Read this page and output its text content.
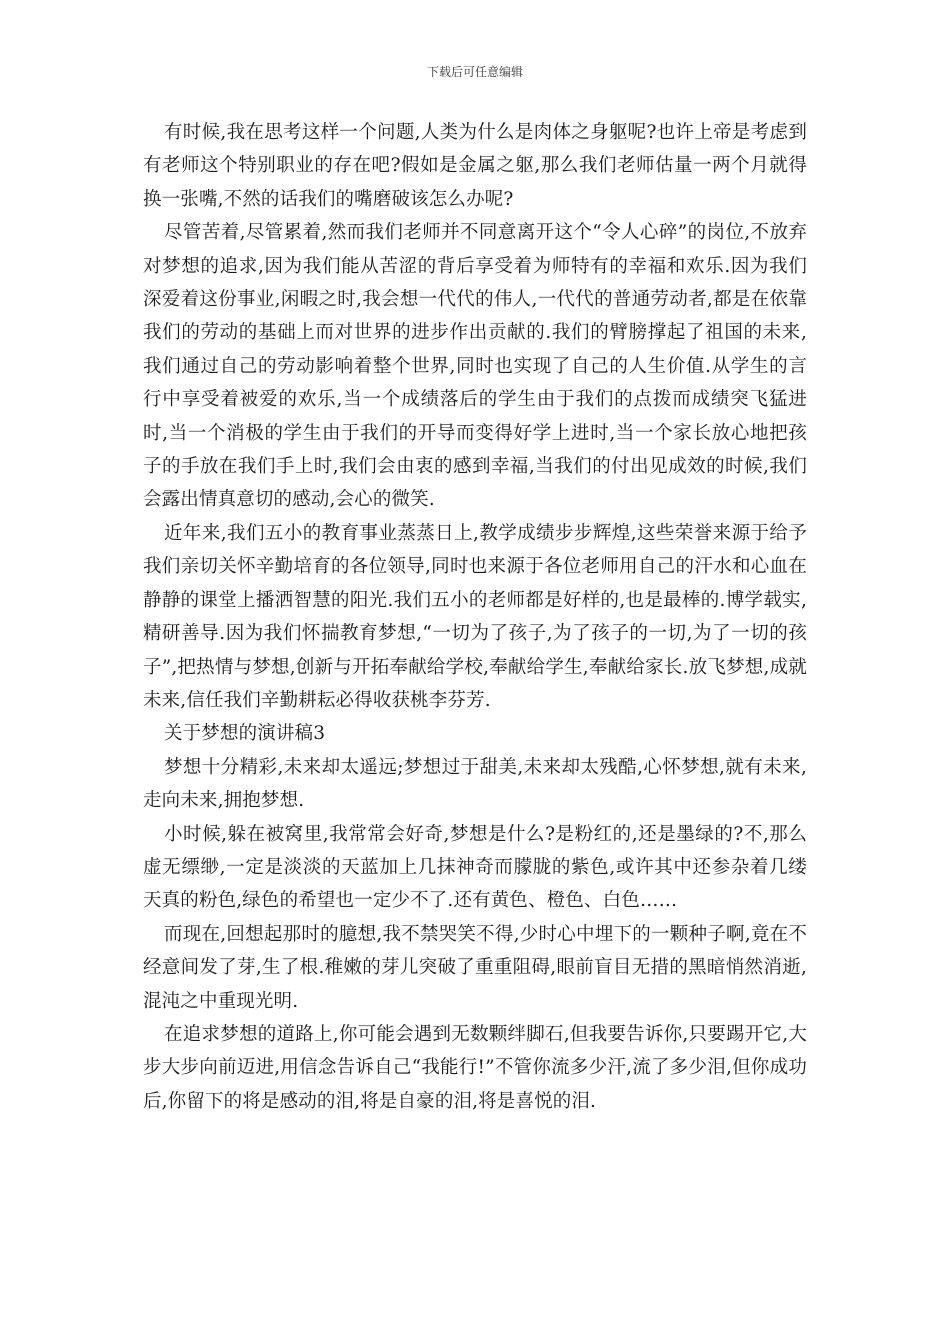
下载后可任意编辑

有时候,我在思考这样一个问题,人类为什么是肉体之身躯呢?也许上帝是考虑到有老师这个特别职业的存在吧?假如是金属之躯,那么我们老师估量一两个月就得换一张嘴,不然的话我们的嘴磨破该怎么办呢?

尽管苦着,尽管累着,然而我们老师并不同意离开这个“令人心碎”的岗位,不放弃对梦想的追求,因为我们能从苦涩的背后享受着为师特有的幸福和欢乐.因为我们深爱着这份事业,闲暇之时,我会想一代代的伟人,一代代的普通劳动者,都是在依靠我们的劳动的基础上而对世界的进步作出贡献的.我们的臂膀撑起了祖国的未来,我们通过自己的劳动影响着整个世界,同时也实现了自己的人生价值.从学生的言行中享受着被爱的欢乐,当一个成绩落后的学生由于我们的点拨而成绩突飞猛进时,当一个消极的学生由于我们的开导而变得好学上进时,当一个家长放心地把孩子的手放在我们手上时,我们会由衷的感到幸福,当我们的付出见成效的时候,我们会露出情真意切的感动,会心的微笑.

近年来,我们五小的教育事业蒸蒸日上,教学成绩步步辉煌,这些荣誉来源于给予我们亲切关怀辛勤培育的各位领导,同时也来源于各位老师用自己的汗水和心血在静静的课堂上播洒智慧的阳光.我们五小的老师都是好样的,也是最棒的.博学载实,精研善导.因为我们怀揣教育梦想,“一切为了孩子,为了孩子的一切,为了一切的孩子”,把热情与梦想,创新与开拓奉献给学校,奉献给学生,奉献给家长.放飞梦想,成就未来,信任我们辛勤耕耘必得收获桃李芬芳.

关于梦想的演讲稿3

梦想十分精彩,未来却太遥远;梦想过于甜美,未来却太残酷,心怀梦想,就有未来,走向未来,拥抱梦想.

小时候,躲在被窝里,我常常会好奇,梦想是什么?是粉红的,还是墨绿的?不,那么虚无缥缈,一定是淡淡的天蓝加上几抹神奇而朦胧的紫色,或许其中还参杂着几缕天真的粉色,绿色的希望也一定少不了.还有黄色、橙色、白色……

而现在,回想起那时的臆想,我不禁哭笑不得,少时心中埋下的一颗种子啊,竟在不经意间发了芽,生了根.稚嫩的芽儿突破了重重阻碍,眼前盲目无措的黑暗悄然消逝,混沌之中重现光明.

在追求梦想的道路上,你可能会遇到无数颗绊脚石,但我要告诉你,只要踢开它,大步大步向前迈进,用信念告诉自己“我能行!”不管你流多少汗,流了多少泪,但你成功后,你留下的将是感动的泪,将是自豪的泪,将是喜悦的泪.
